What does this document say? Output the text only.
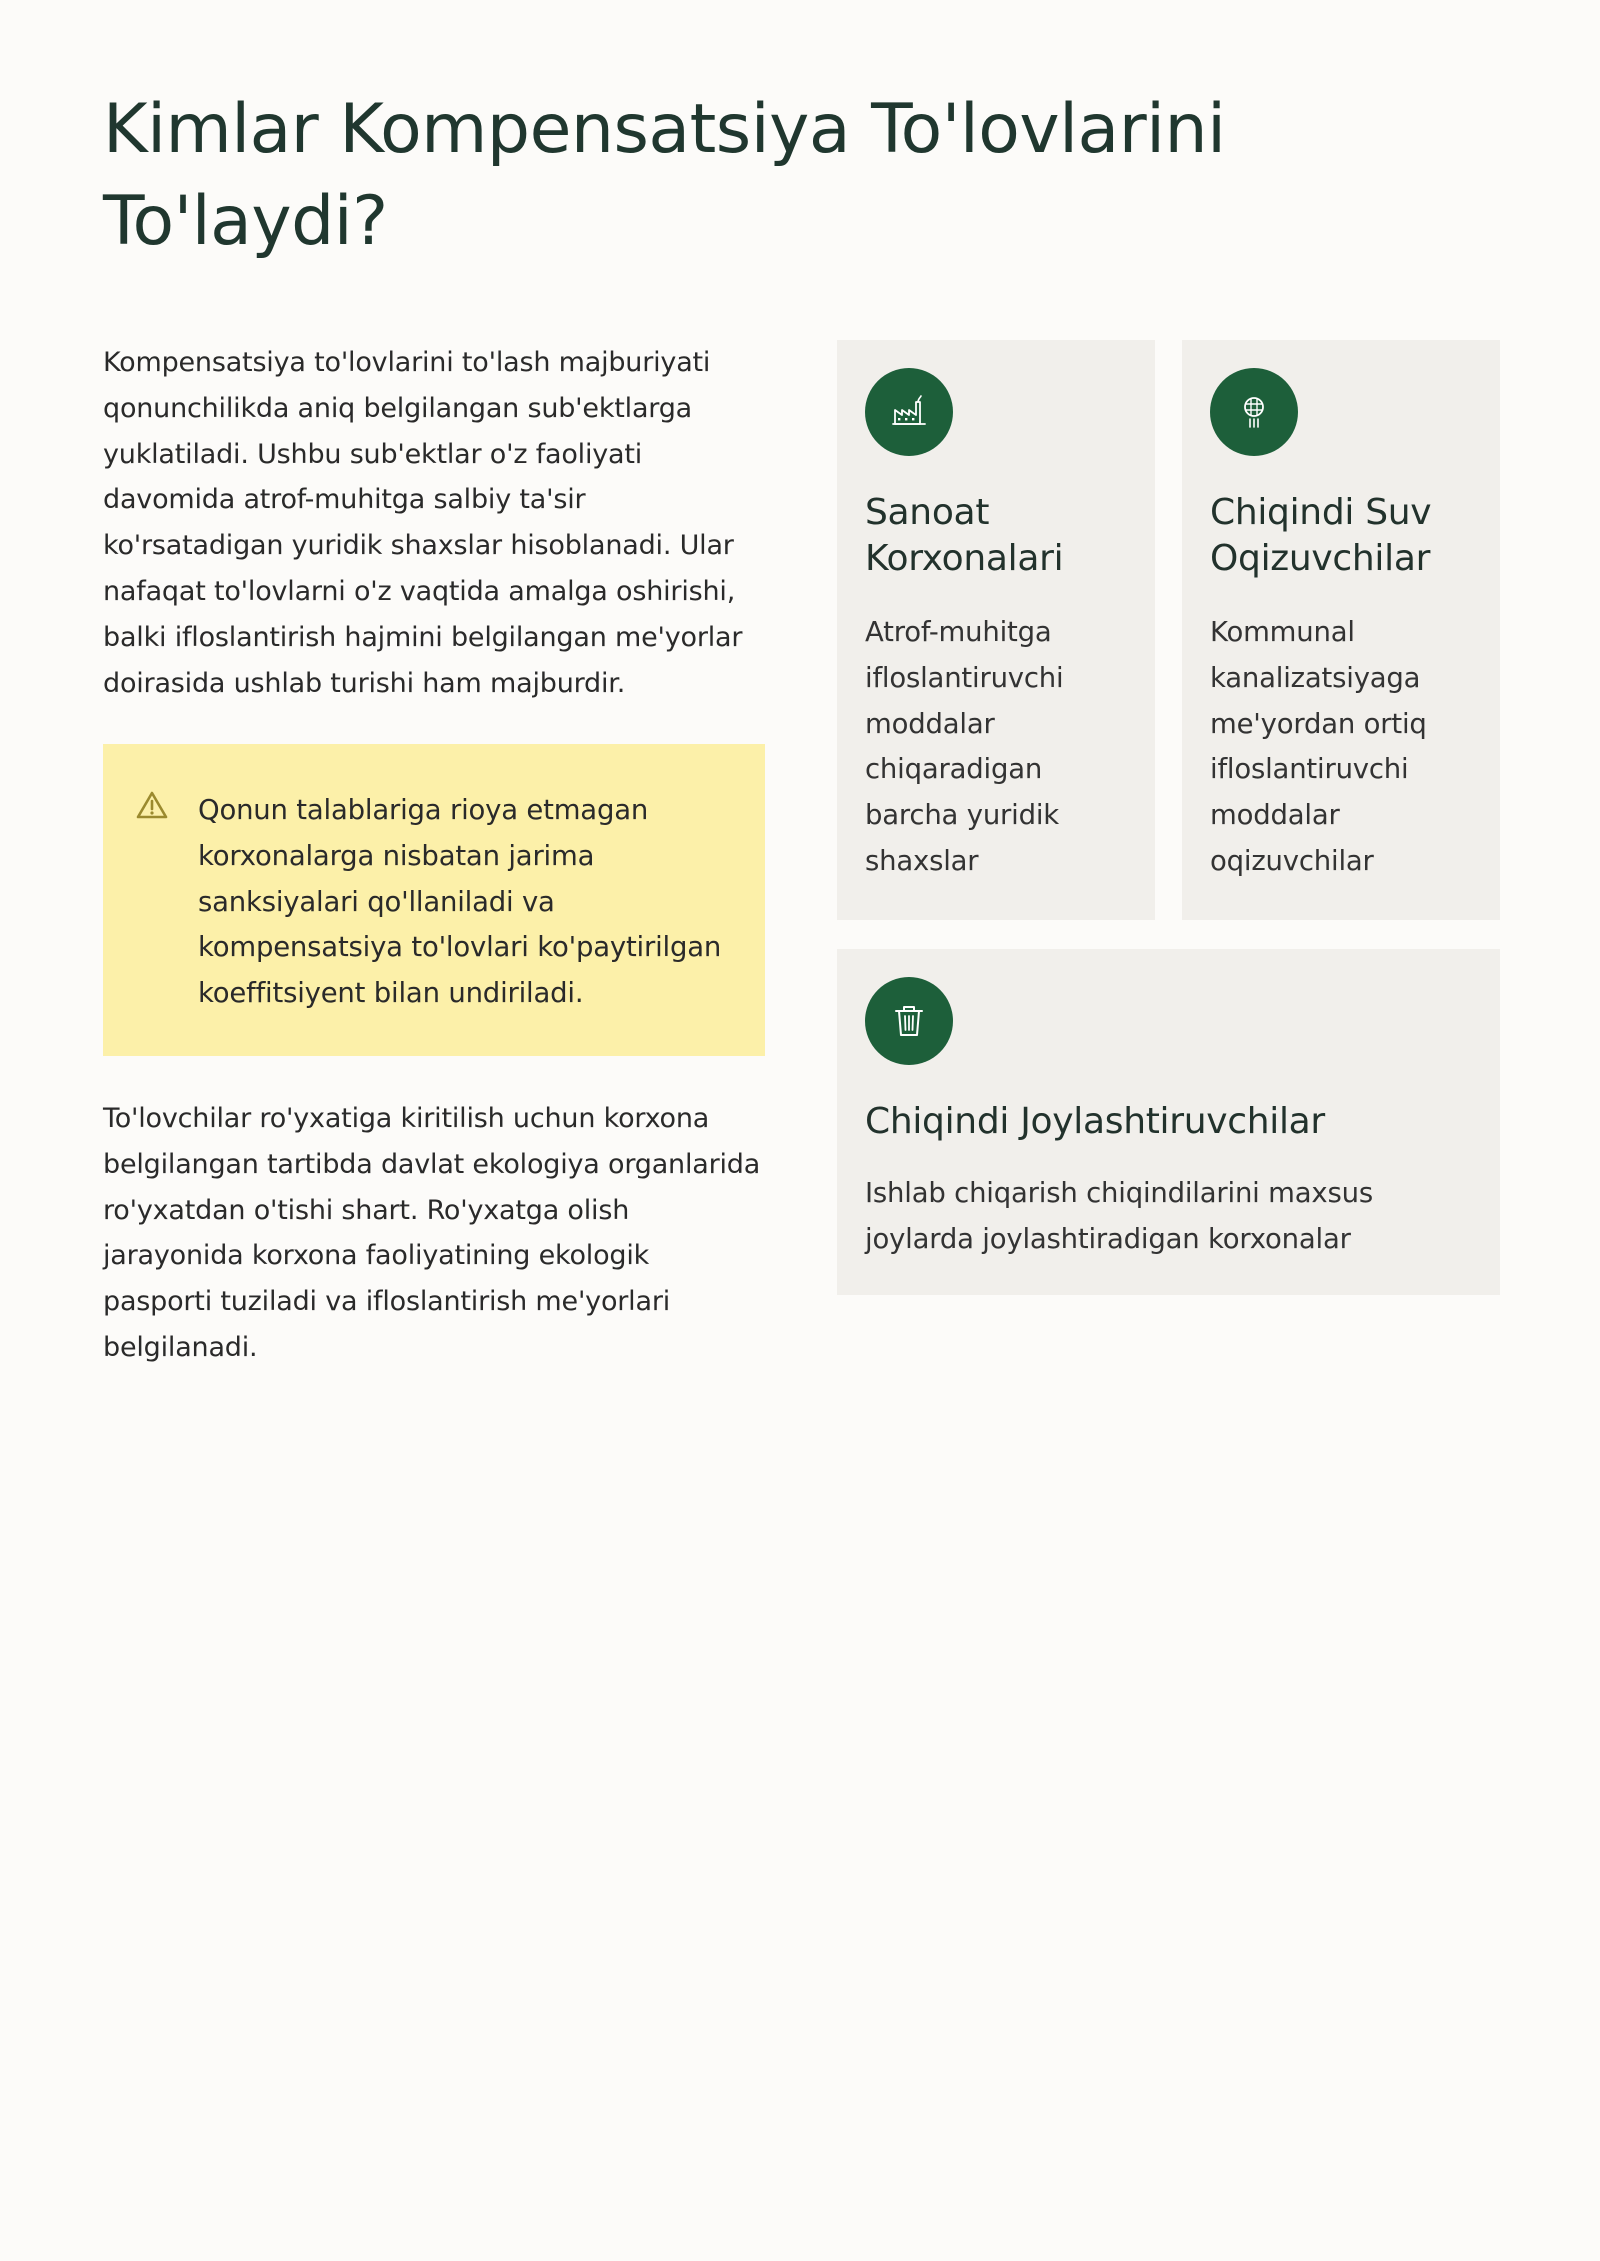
Kimlar Kompensatsiya To'lovlarini To'laydi?

Kompensatsiya to'lovlarini to'lash majburiyati qonunchilikda aniq belgilangan sub'ektlarga yuklatiladi. Ushbu sub'ektlar o'z faoliyati davomida atrof-muhitga salbiy ta'sir ko'rsatadigan yuridik shaxslar hisoblanadi. Ular nafaqat to'lovlarni o'z vaqtida amalga oshirishi, balki ifloslantirish hajmini belgilangan me'yorlar doirasida ushlab turishi ham majburdir.

Qonun talablariga rioya etmagan korxonalarga nisbatan jarima sanksiyalari qo'llaniladi va kompensatsiya to'lovlari ko'paytirilgan koeffitsiyent bilan undiriladi.

To'lovchilar ro'yxatiga kiritilish uchun korxona belgilangan tartibda davlat ekologiya organlarida ro'yxatdan o'tishi shart. Ro'yxatga olish jarayonida korxona faoliyatining ekologik pasporti tuziladi va ifloslantirish me'yorlari belgilanadi.

Sanoat Korxonalari

Atrof-muhitga ifloslantiruvchi moddalar chiqaradigan barcha yuridik shaxslar

Chiqindi Suv Oqizuvchilar

Kommunal kanalizatsiyaga me'yordan ortiq ifloslantiruvchi moddalar oqizuvchilar

Chiqindi Joylashtiruvchilar

Ishlab chiqarish chiqindilarini maxsus joylarda joylashtiradigan korxonalar
